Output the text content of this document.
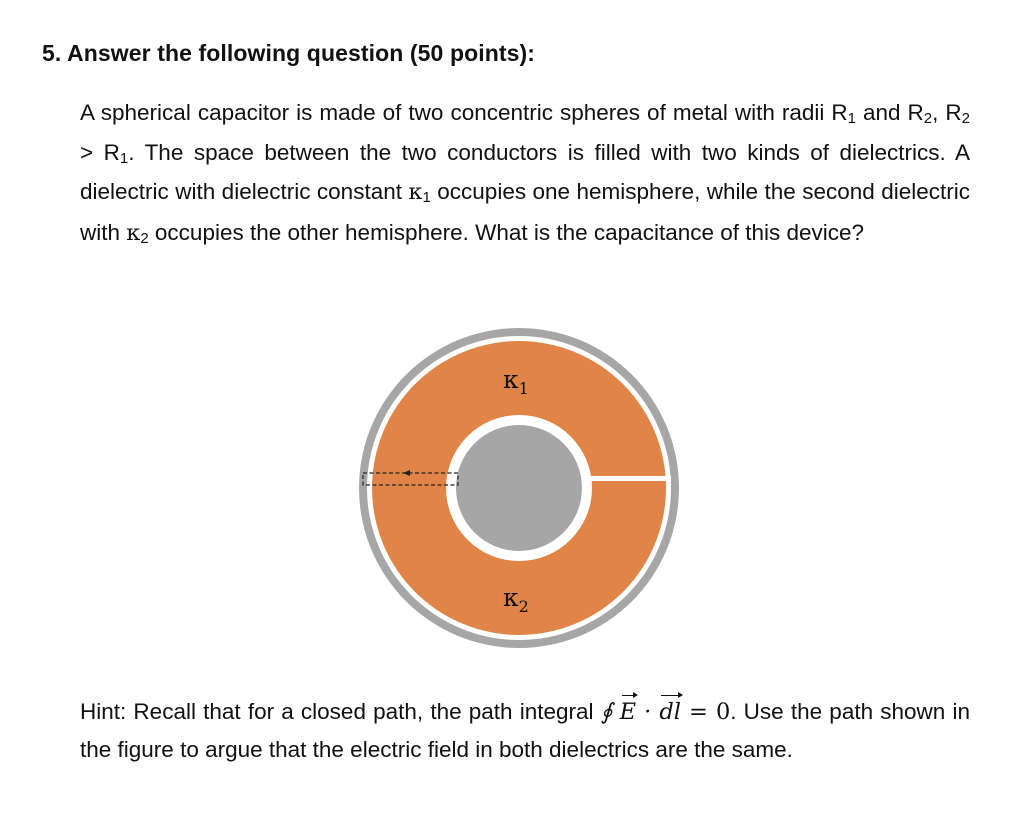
5. Answer the following question (50 points):

A spherical capacitor is made of two concentric spheres of metal with radii $R_1$ and $R_2$, $R_2 > R_1$. The space between the two conductors is filled with two kinds of dielectrics. A dielectric with dielectric constant $\kappa_1$ occupies one hemisphere, while the second dielectric with $\kappa_2$ occupies the other hemisphere. What is the capacitance of this device?

$\kappa_1$
$\kappa_2$

Hint: Recall that for a closed path, the path integral ∮ E · dl = 0. Use the path shown in the figure to argue that the electric field in both dielectrics are the same.
